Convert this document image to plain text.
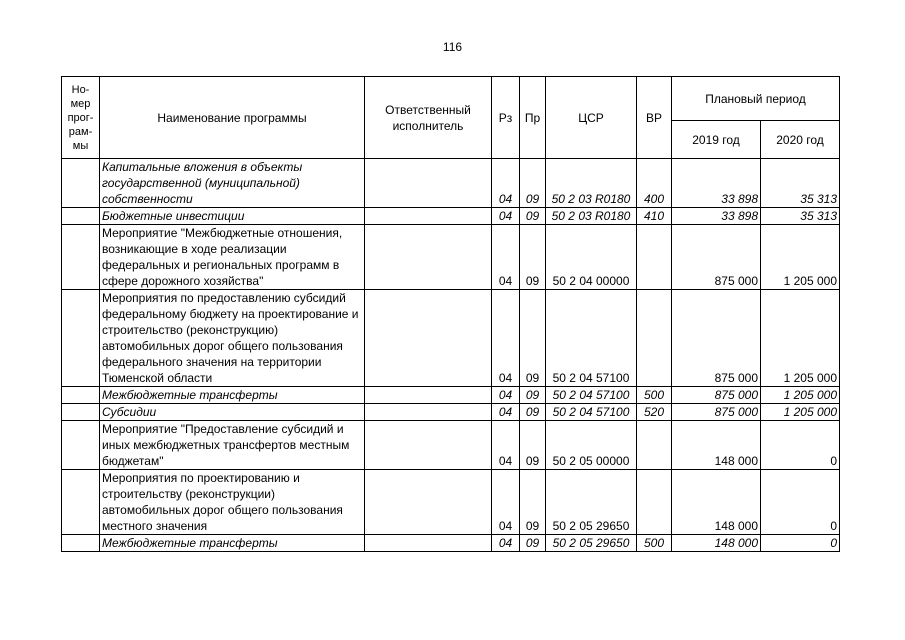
116
Но-мер прог-рам-мы	Наименование программы	Ответственный исполнитель	Рз	Пр	ЦСР	ВР	Плановый период	
							2019 год	2020 год
	Капитальные вложения в объекты государственной (муниципальной) собственности		04	09	50 2 03 R0180	400	33 898	35 313
	Бюджетные инвестиции		04	09	50 2 03 R0180	410	33 898	35 313
	Мероприятие "Межбюджетные отношения, возникающие в ходе реализации федеральных и региональных программ в сфере дорожного хозяйства"		04	09	50 2 04 00000		875 000	1 205 000
	Мероприятия по предоставлению субсидий федеральному бюджету на проектирование и строительство (реконструкцию) автомобильных дорог общего пользования федерального значения на территории Тюменской области		04	09	50 2 04 57100		875 000	1 205 000
	Межбюджетные трансферты		04	09	50 2 04 57100	500	875 000	1 205 000
	Субсидии		04	09	50 2 04 57100	520	875 000	1 205 000
	Мероприятие "Предоставление субсидий и иных межбюджетных трансфертов местным бюджетам"		04	09	50 2 05 00000		148 000	0
	Мероприятия по проектированию и строительству (реконструкции) автомобильных дорог общего пользования местного значения		04	09	50 2 05 29650		148 000	0
	Межбюджетные трансферты		04	09	50 2 05 29650	500	148 000	0
